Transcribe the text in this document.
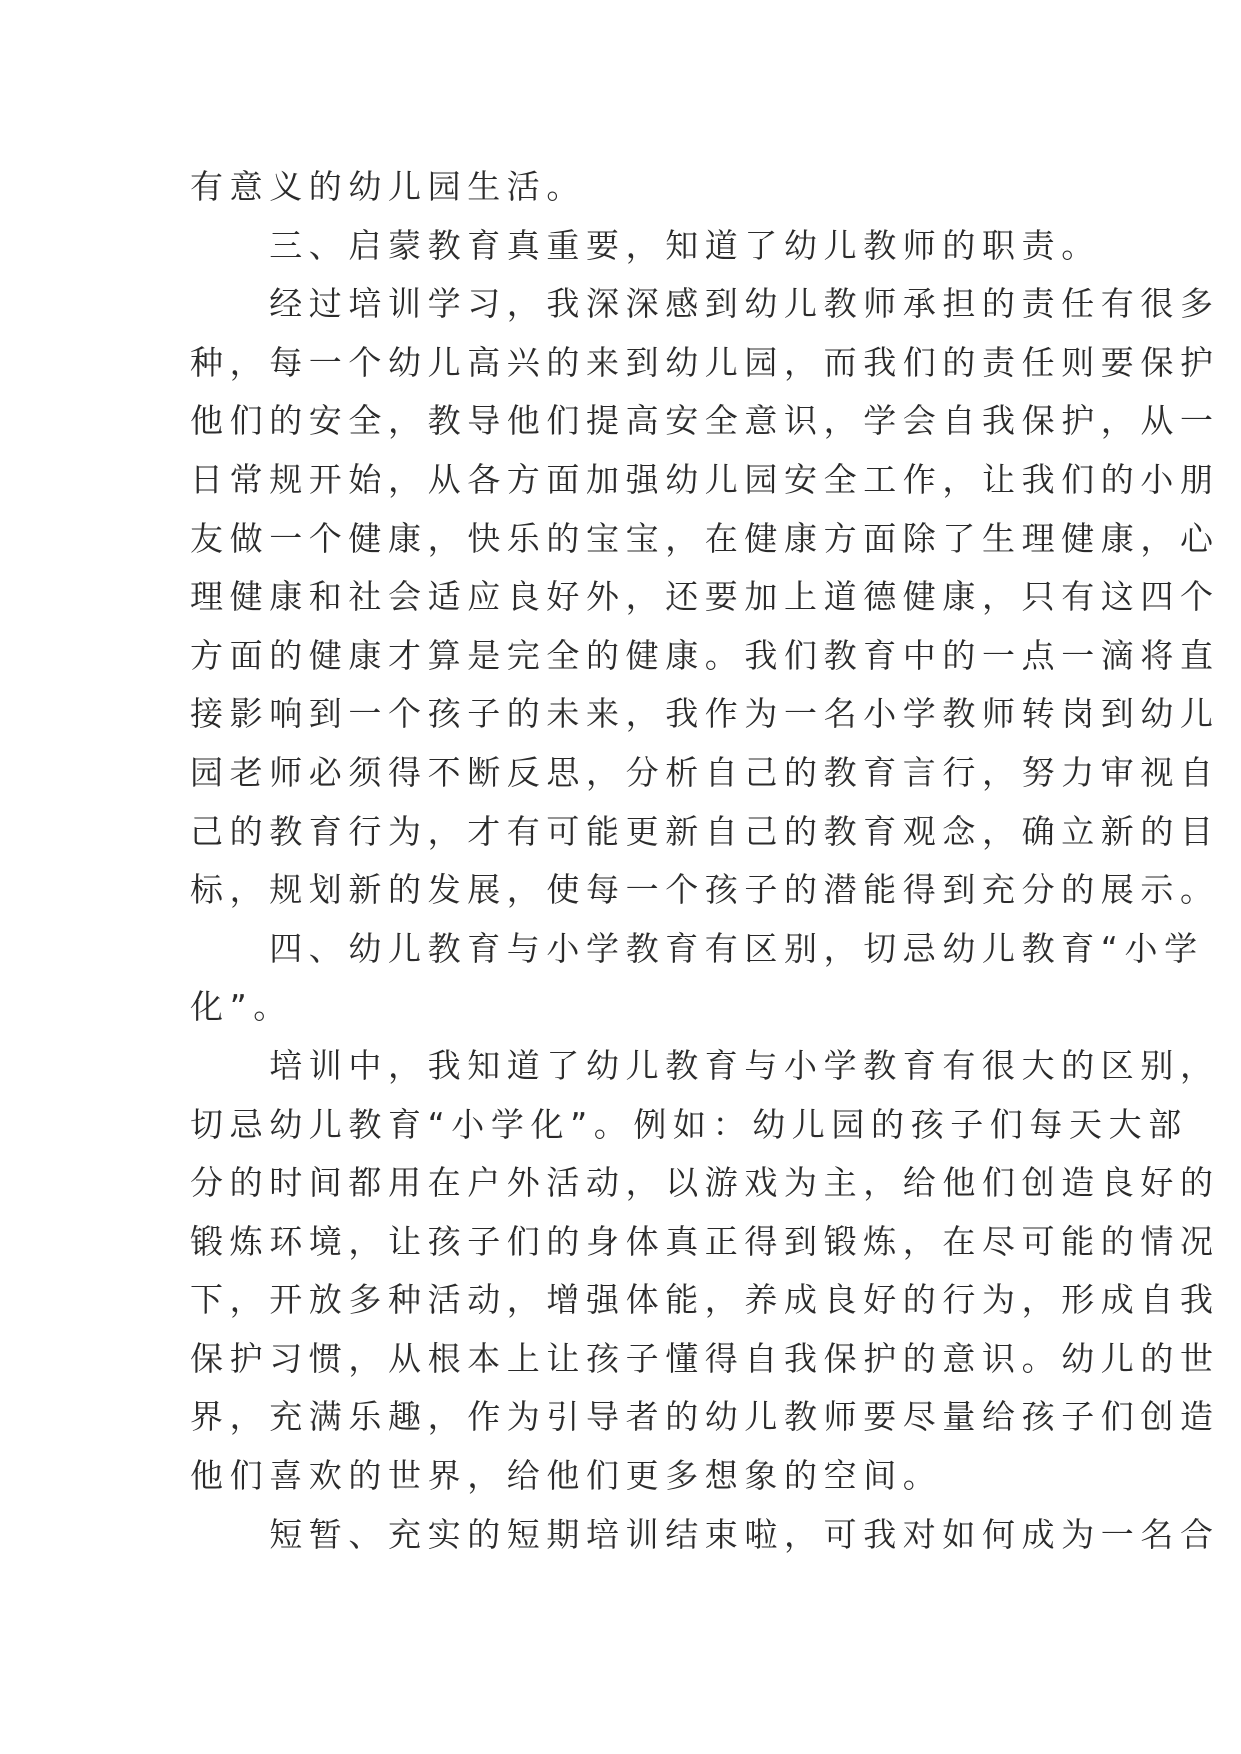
有意义的幼儿园生活。
　　三、启蒙教育真重要，知道了幼儿教师的职责。
　　经过培训学习，我深深感到幼儿教师承担的责任有很多
种，每一个幼儿高兴的来到幼儿园，而我们的责任则要保护
他们的安全，教导他们提高安全意识，学会自我保护，从一
日常规开始，从各方面加强幼儿园安全工作，让我们的小朋
友做一个健康，快乐的宝宝，在健康方面除了生理健康，心
理健康和社会适应良好外，还要加上道德健康，只有这四个
方面的健康才算是完全的健康。我们教育中的一点一滴将直
接影响到一个孩子的未来，我作为一名小学教师转岗到幼儿
园老师必须得不断反思，分析自己的教育言行，努力审视自
己的教育行为，才有可能更新自己的教育观念，确立新的目
标，规划新的发展，使每一个孩子的潜能得到充分的展示。
　　四、幼儿教育与小学教育有区别，切忌幼儿教育“小学
化”。
　　培训中，我知道了幼儿教育与小学教育有很大的区别，
切忌幼儿教育“小学化”。例如：幼儿园的孩子们每天大部
分的时间都用在户外活动，以游戏为主，给他们创造良好的
锻炼环境，让孩子们的身体真正得到锻炼，在尽可能的情况
下，开放多种活动，增强体能，养成良好的行为，形成自我
保护习惯，从根本上让孩子懂得自我保护的意识。幼儿的世
界，充满乐趣，作为引导者的幼儿教师要尽量给孩子们创造
他们喜欢的世界，给他们更多想象的空间。
　　短暂、充实的短期培训结束啦，可我对如何成为一名合
